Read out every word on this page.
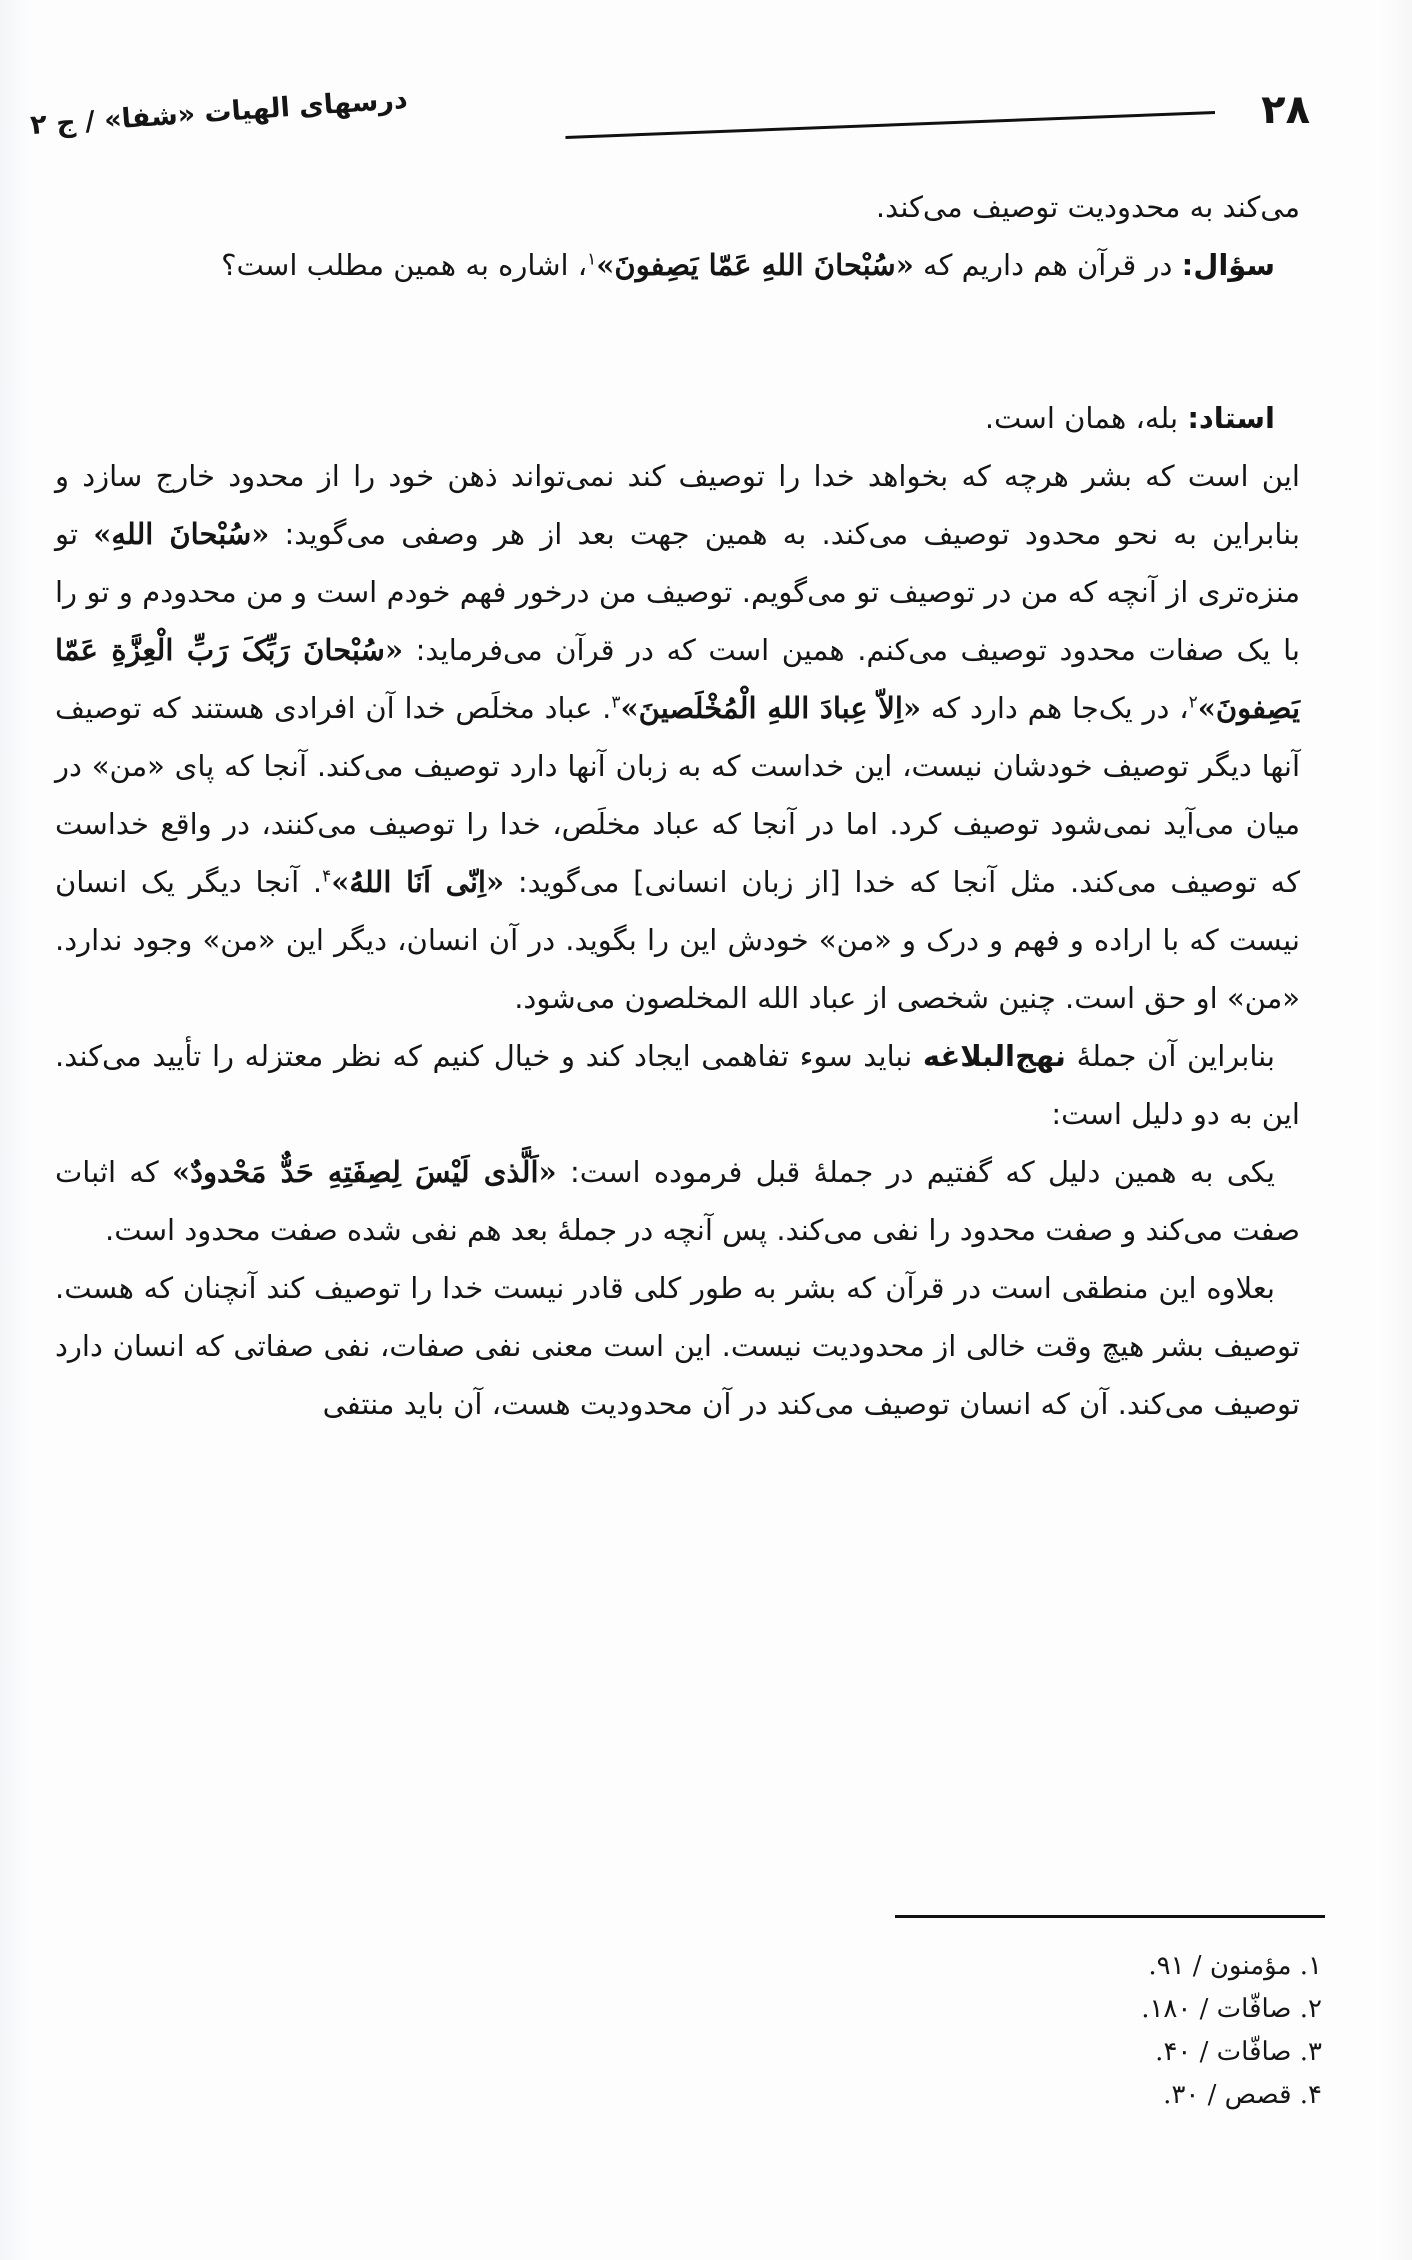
۲۸
درسهای الهیات «شفا» / ج ۲

می‌کند به محدودیت توصیف می‌کند.

سؤال: در قرآن هم داریم که «سُبْحانَ اللهِ عَمّا یَصِفونَ»$^۱$، اشاره به همین مطلب است؟

استاد: بله، همان است.

این است که بشر هرچه که بخواهد خدا را توصیف کند نمی‌تواند ذهن خود را از محدود خارج سازد و بنابراین به نحو محدود توصیف می‌کند. به همین جهت بعد از هر وصفی می‌گوید: «سُبْحانَ اللهِ» تو منزه‌تری از آنچه که من در توصیف تو می‌گویم. توصیف من درخور فهم خودم است و من محدودم و تو را با یک صفات محدود توصیف می‌کنم. همین است که در قرآن می‌فرماید: «سُبْحانَ رَبِّکَ رَبِّ الْعِزَّةِ عَمّا یَصِفونَ»$^۲$، در یک‌جا هم دارد که «اِلاّ عِبادَ اللهِ الْمُخْلَصینَ»$^۳$. عباد مخلَص خدا آن افرادی هستند که توصیف آنها دیگر توصیف خودشان نیست، این خداست که به زبان آنها دارد توصیف می‌کند. آنجا که پای «من» در میان می‌آید نمی‌شود توصیف کرد. اما در آنجا که عباد مخلَص، خدا را توصیف می‌کنند، در واقع خداست که توصیف می‌کند. مثل آنجا که خدا [از زبان انسانی] می‌گوید: «اِنّی اَنَا اللهُ»$^۴$. آنجا دیگر یک انسان نیست که با اراده و فهم و درک و «من» خودش این را بگوید. در آن انسان، دیگر این «من» وجود ندارد. «من» او حق است. چنین شخصی از عباد الله المخلصون می‌شود.

بنابراین آن جملهٔ نهج‌البلاغه نباید سوء تفاهمی ایجاد کند و خیال کنیم که نظر معتزله را تأیید می‌کند. این به دو دلیل است:

یکی به همین دلیل که گفتیم در جملهٔ قبل فرموده است: «اَلَّذی لَیْسَ لِصِفَتِهِ حَدٌّ مَحْدودٌ» که اثبات صفت می‌کند و صفت محدود را نفی می‌کند. پس آنچه در جملهٔ بعد هم نفی شده صفت محدود است.

بعلاوه این منطقی است در قرآن که بشر به طور کلی قادر نیست خدا را توصیف کند آنچنان که هست. توصیف بشر هیچ وقت خالی از محدودیت نیست. این است معنی نفی صفات، نفی صفاتی که انسان دارد توصیف می‌کند. آن که انسان توصیف می‌کند در آن محدودیت هست، آن باید منتفی

۱. مؤمنون / ۹۱.
۲. صافّات / ۱۸۰.
۳. صافّات / ۴۰.
۴. قصص / ۳۰.
